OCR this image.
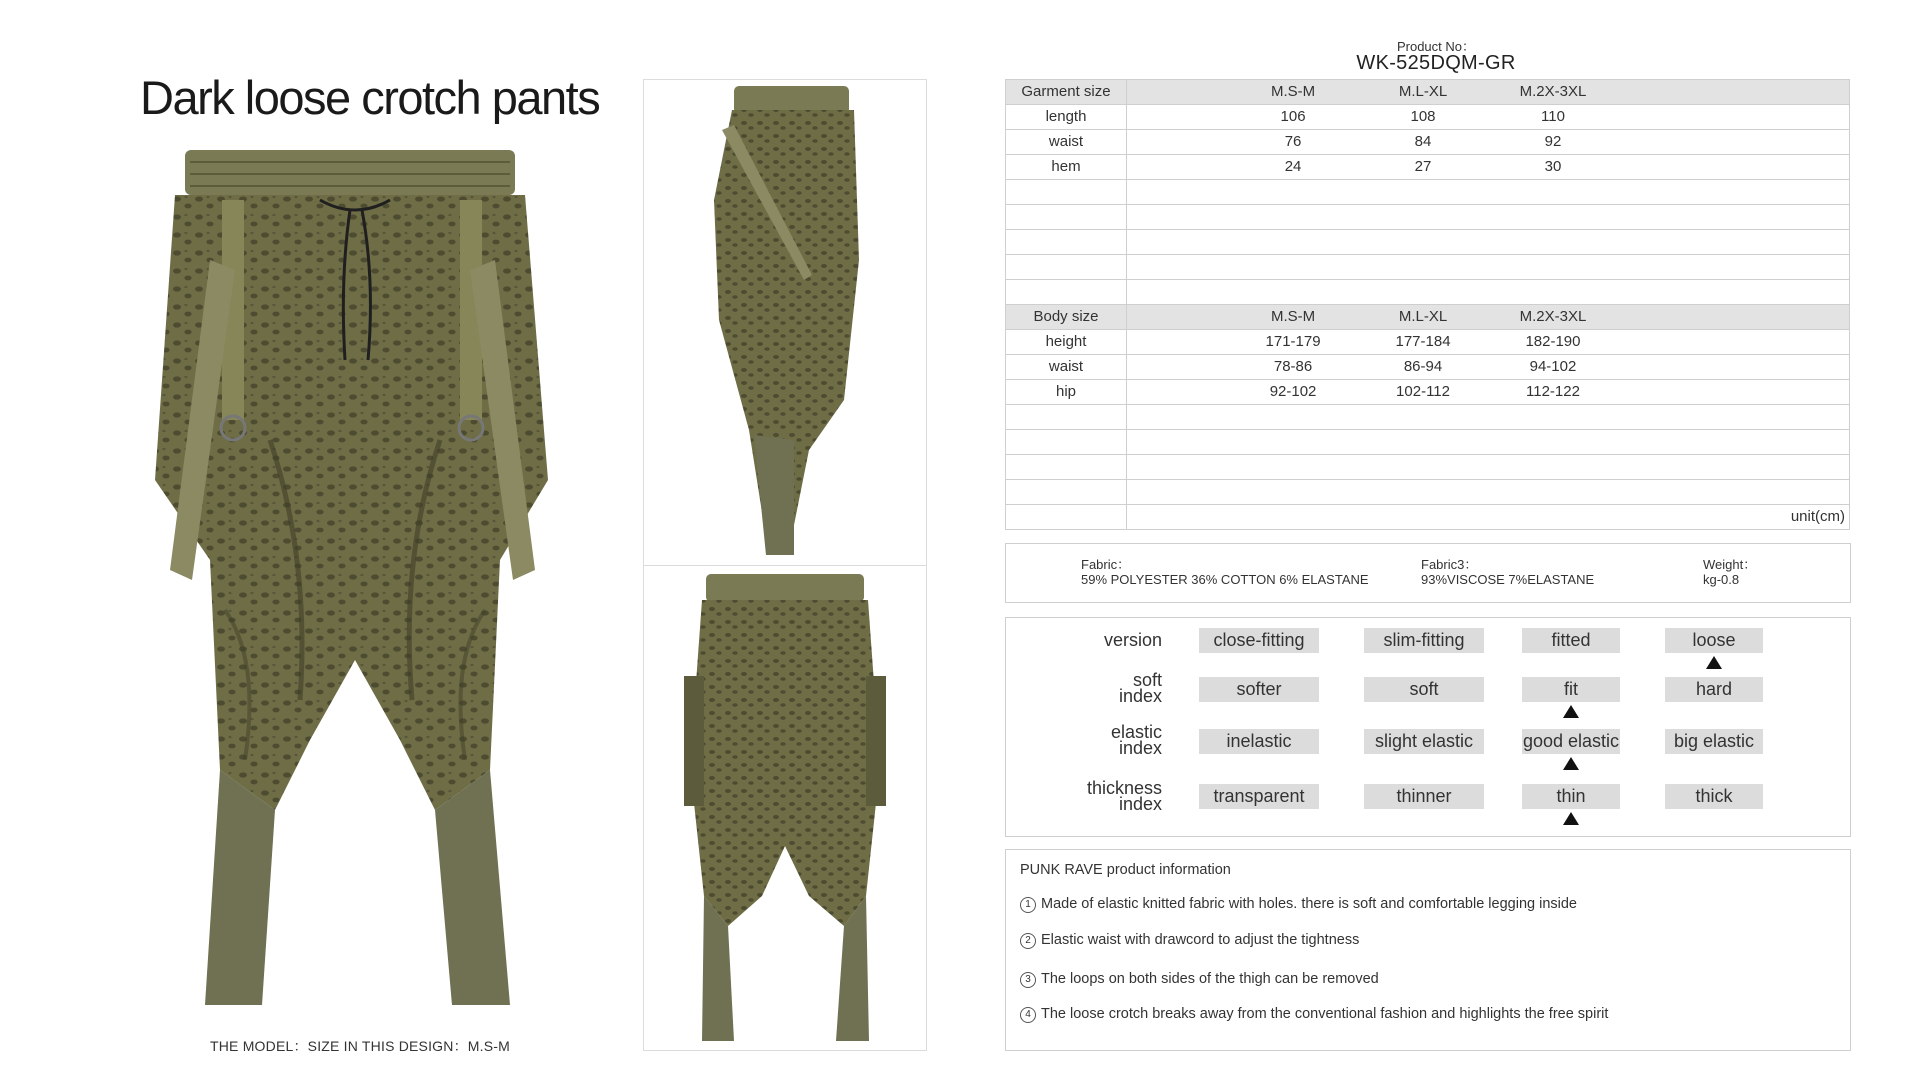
Dark loose crotch pants
THE MODEL：SIZE IN THIS DESIGN：M.S-M
Product No：
WK-525DQM-GR
Garment size	M.S-M M.L-XL M.2X-3XL

length	106 108 110

waist	76 84 92

hem	24 27 30

Body size	M.S-M M.L-XL M.2X-3XL

height	171-179 177-184 182-190

waist	78-86 86-94 94-102

hip	92-102 102-112 112-122

	unit(cm)
Fabric：
59% POLYESTER 36% COTTON 6% ELASTANE
Fabric3：
93%VISCOSE 7%ELASTANE
Weight：
kg-0.8
version	close-fitting	slim-fitting	fitted	loose
soft
index	softer	soft	fit	hard
elastic
index	inelastic	slight elastic	good elastic	big elastic
thickness
index	transparent	thinner	thin	thick
PUNK RAVE product information
1 Made of elastic knitted fabric with holes. there is soft and comfortable legging inside
2 Elastic waist with drawcord to adjust the tightness
3 The loops on both sides of the thigh can be removed
4 The loose crotch breaks away from the conventional fashion and highlights the free spirit
